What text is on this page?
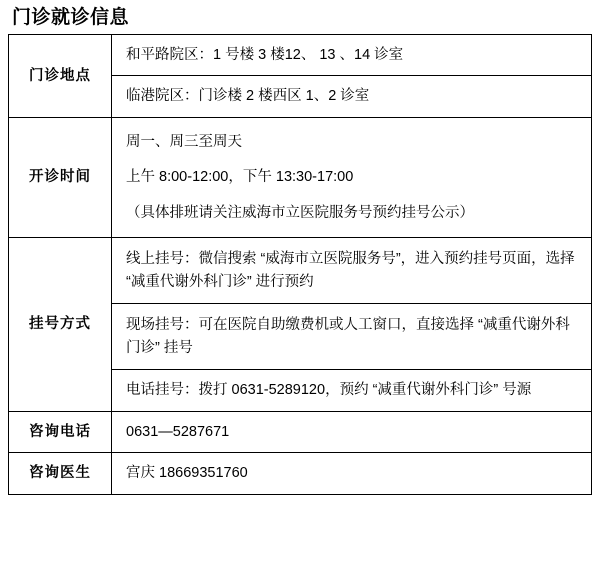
门诊就诊信息
门诊地点	和平路院区：1 号楼 3 楼12、 13 、14 诊室
	临港院区：门诊楼 2 楼西区 1、2 诊室
开诊时间	周一、周三至周天
上午 8:00-12:00，下午 13:30-17:00
（具体排班请关注威海市立医院服务号预约挂号公示）

挂号方式	线上挂号：微信搜索 “威海市立医院服务号”，进入预约挂号页面，选择 “减重代谢外科门诊” 进行预约
	现场挂号：可在医院自助缴费机或人工窗口，直接选择 “减重代谢外科门诊” 挂号
	电话挂号：拨打 0631-5289120，预约 “减重代谢外科门诊” 号源
咨询电话	0631—5287671
咨询医生	宫庆 18669351760
